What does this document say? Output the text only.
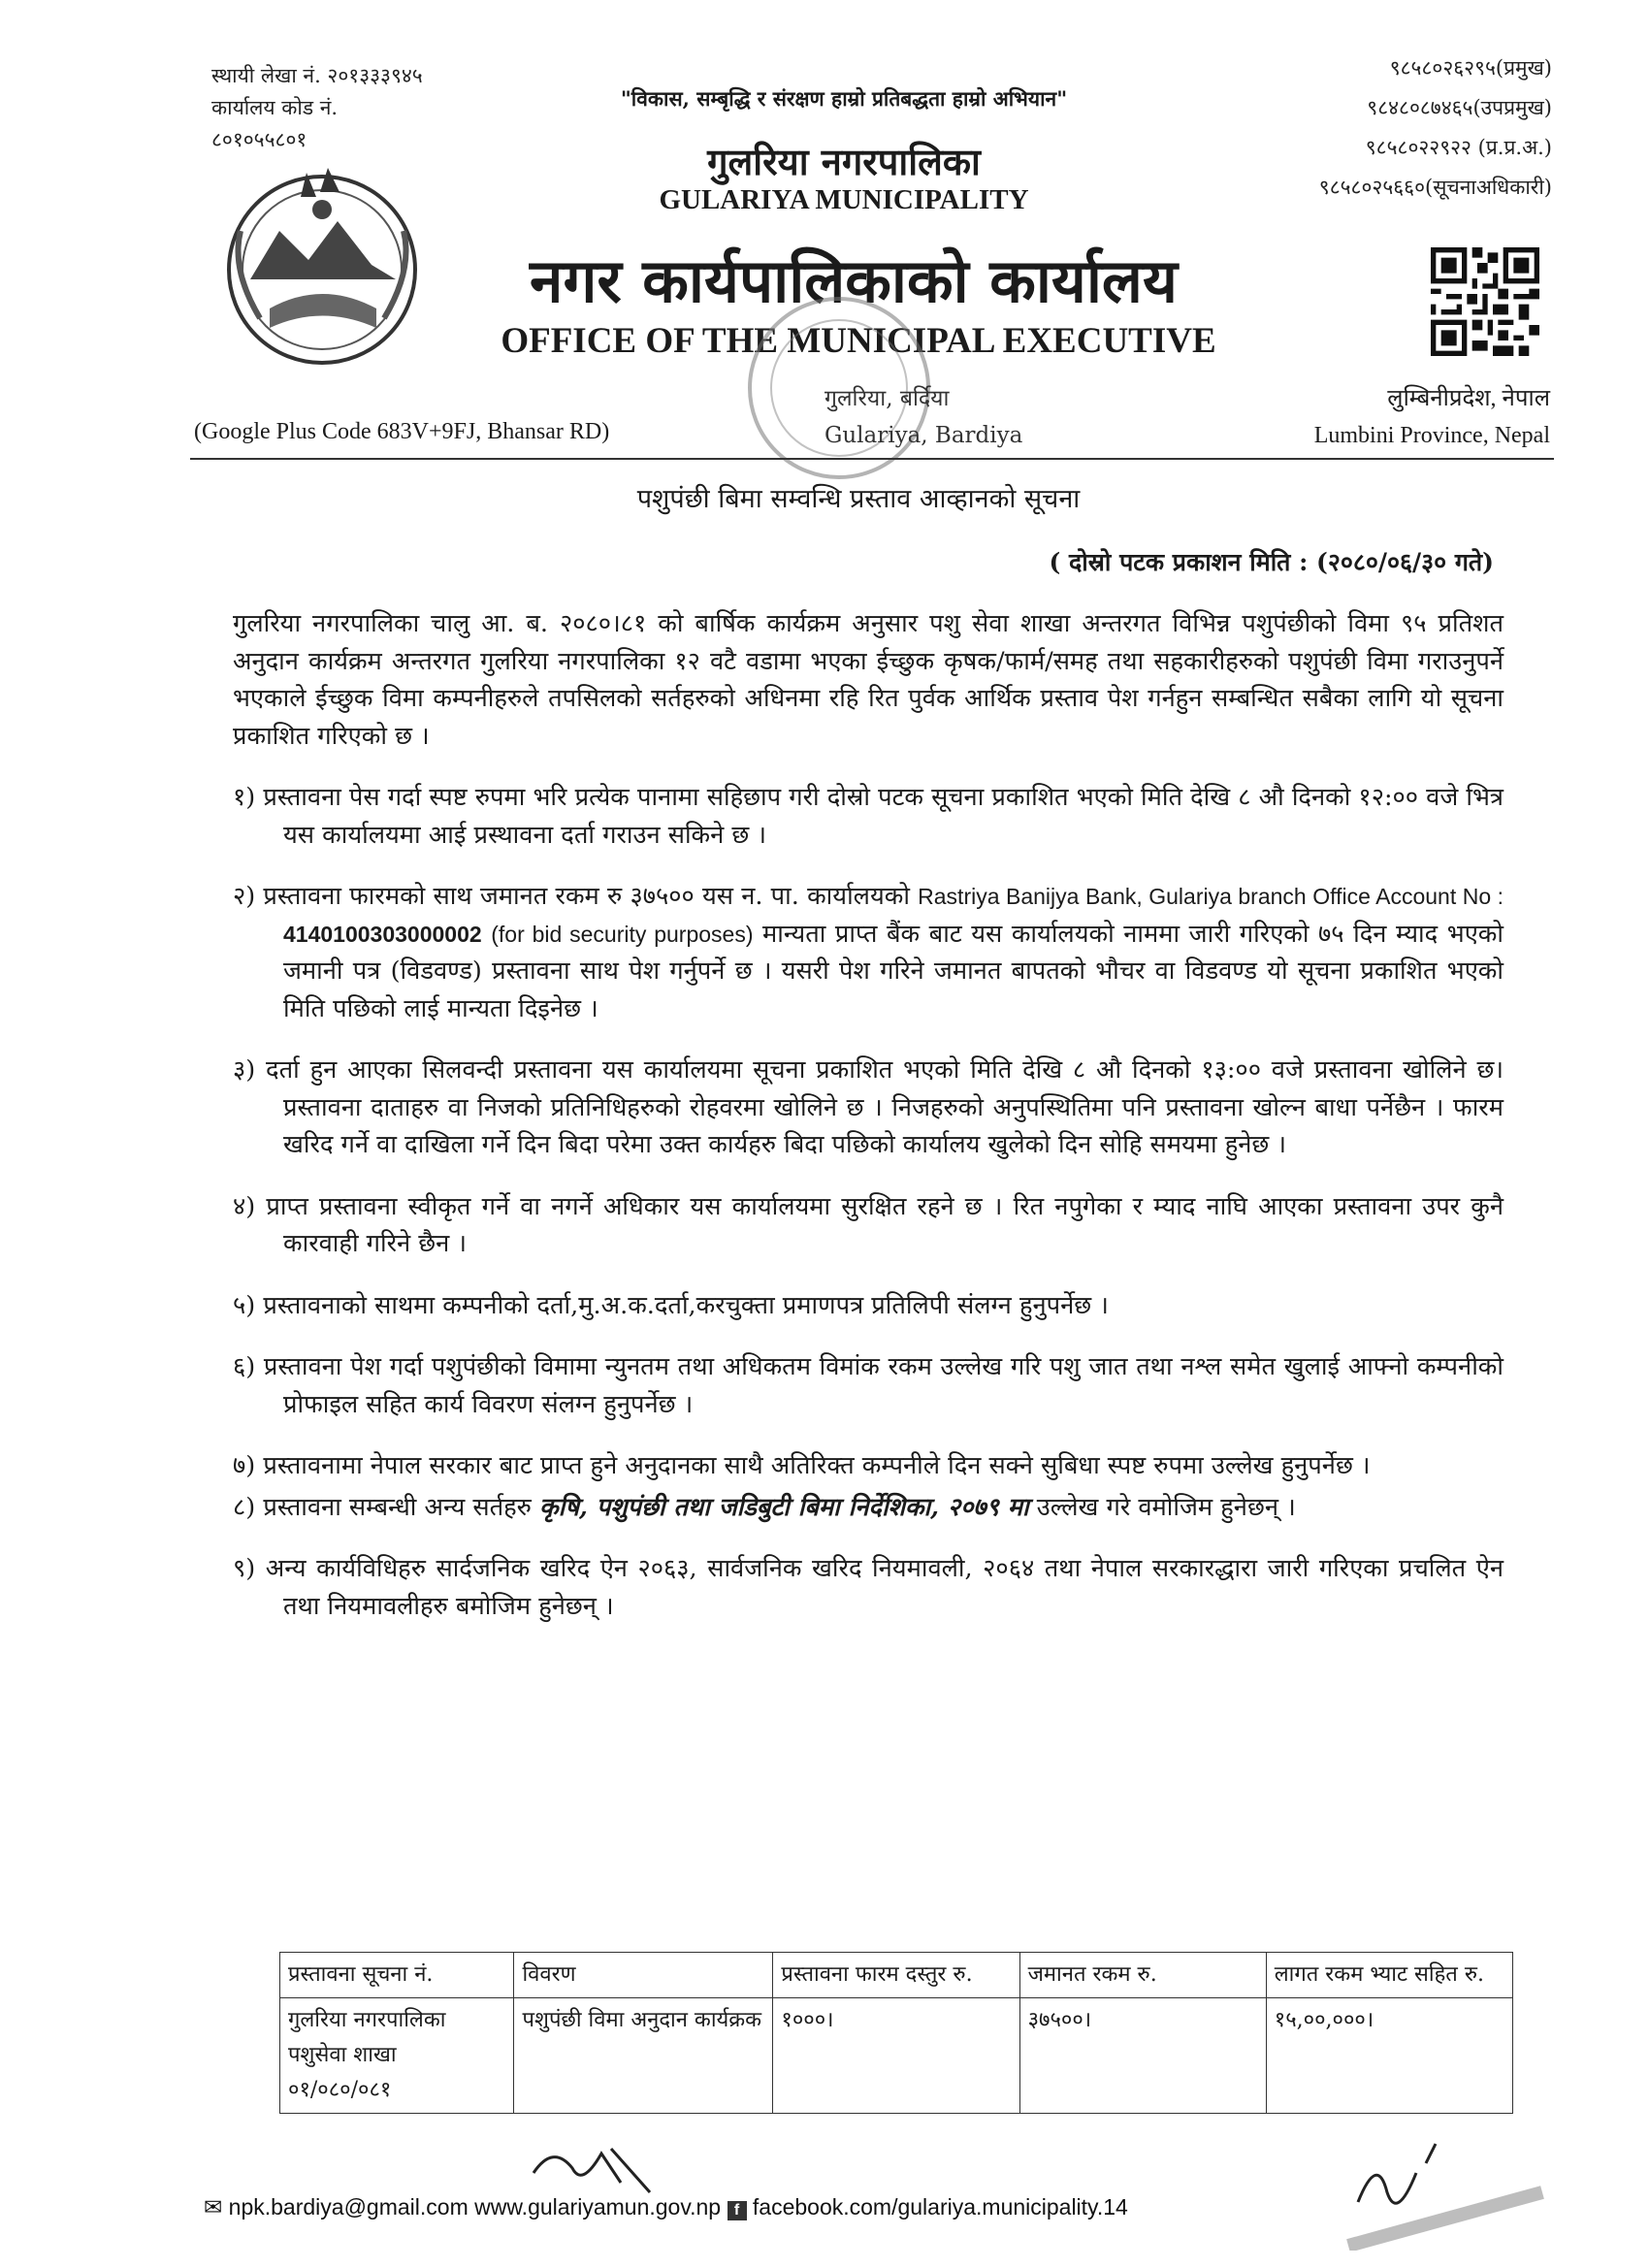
स्थायी लेखा नं. २०१३३३९४५
कार्यालय कोड नं.
८०१०५५८०१
९८५८०२६२९५(प्रमुख)
९८४८०८७४६५(उपप्रमुख)
९८५८०२२९२२ (प्र.प्र.अ.)
९८५८०२५६६०(सूचनाअधिकारी)
"विकास, सम्बृद्धि र संरक्षण हाम्रो प्रतिबद्धता हाम्रो अभियान"
गुलरिया नगरपालिका
GULARIYA MUNICIPALITY
नगर कार्यपालिकाको कार्यालय
OFFICE OF THE MUNICIPAL EXECUTIVE
(Google Plus Code 683V+9FJ, Bhansar RD)
गुलरिया, बर्दिया
Gulariya, Bardiya
लुम्बिनीप्रदेश, नेपाल
Lumbini Province, Nepal
पशुपंछी बिमा सम्वन्धि प्रस्ताव आव्हानको सूचना
( दोस्रो पटक प्रकाशन मिति : (२०८०/०६/३० गते)

गुलरिया नगरपालिका चालु आ. ब. २०८०।८१ को बार्षिक कार्यक्रम अनुसार पशु सेवा शाखा अन्तरगत विभिन्न पशुपंछीको विमा ९५ प्रतिशत अनुदान कार्यक्रम अन्तरगत गुलरिया नगरपालिका १२ वटै वडामा भएका ईच्छुक कृषक/फार्म/समह तथा सहकारीहरुको पशुपंछी विमा गराउनुपर्ने भएकाले ईच्छुक विमा कम्पनीहरुले तपसिलको सर्तहरुको अधिनमा रहि रित पुर्वक आर्थिक प्रस्ताव पेश गर्नहुन सम्बन्धित सबैका लागि यो सूचना प्रकाशित गरिएको छ ।

१) प्रस्तावना पेस गर्दा स्पष्ट रुपमा भरि प्रत्येक पानामा सहिछाप गरी दोस्रो पटक सूचना प्रकाशित भएको मिति देखि ८ औ दिनको १२:०० वजे भित्र यस कार्यालयमा आई प्रस्थावना दर्ता गराउन सकिने छ ।

२) प्रस्तावना फारमको साथ जमानत रकम रु ३७५०० यस न. पा. कार्यालयको Rastriya Banijya Bank, Gulariya branch Office Account No : 4140100303000002 (for bid security purposes) मान्यता प्राप्त बैंक बाट यस कार्यालयको नाममा जारी गरिएको ७५ दिन म्याद भएको जमानी पत्र (विडवण्ड) प्रस्तावना साथ पेश गर्नुपर्ने छ । यसरी पेश गरिने जमानत बापतको भौचर वा विडवण्ड यो सूचना प्रकाशित भएको मिति पछिको लाई मान्यता दिइनेछ ।

३) दर्ता हुन आएका सिलवन्दी प्रस्तावना यस कार्यालयमा सूचना प्रकाशित भएको मिति देखि ८ औ दिनको १३:०० वजे प्रस्तावना खोलिने छ। प्रस्तावना दाताहरु वा निजको प्रतिनिधिहरुको रोहवरमा खोलिने छ । निजहरुको अनुपस्थितिमा पनि प्रस्तावना खोल्न बाधा पर्नेछैन । फारम खरिद गर्ने वा दाखिला गर्ने दिन बिदा परेमा उक्त कार्यहरु बिदा पछिको कार्यालय खुलेको दिन सोहि समयमा हुनेछ ।

४) प्राप्त प्रस्तावना स्वीकृत गर्ने वा नगर्ने अधिकार यस कार्यालयमा सुरक्षित रहने छ । रित नपुगेका र म्याद नाघि आएका प्रस्तावना उपर कुनै कारवाही गरिने छैन ।

५) प्रस्तावनाको साथमा कम्पनीको दर्ता,मु.अ.क.दर्ता,करचुक्ता प्रमाणपत्र प्रतिलिपी संलग्न हुनुपर्नेछ ।

६) प्रस्तावना पेश गर्दा पशुपंछीको विमामा न्युनतम तथा अधिकतम विमांक रकम उल्लेख गरि पशु जात तथा नश्ल समेत खुलाई आफ्नो कम्पनीको प्रोफाइल सहित कार्य विवरण संलग्न हुनुपर्नेछ ।

७) प्रस्तावनामा नेपाल सरकार बाट प्राप्त हुने अनुदानका साथै अतिरिक्त कम्पनीले दिन सक्ने सुबिधा स्पष्ट रुपमा उल्लेख हुनुपर्नेछ ।

८) प्रस्तावना सम्बन्धी अन्य सर्तहरु कृषि, पशुपंछी तथा जडिबुटी बिमा निर्देशिका, २०७९ मा उल्लेख गरे वमोजिम हुनेछन् ।

९) अन्य कार्यविधिहरु सार्दजनिक खरिद ऐन २०६३, सार्वजनिक खरिद नियमावली, २०६४ तथा नेपाल सरकारद्धारा जारी गरिएका प्रचलित ऐन तथा नियमावलीहरु बमोजिम हुनेछन् ।

प्रस्तावना सूचना नं.	विवरण	प्रस्तावना फारम दस्तुर रु.	जमानत रकम रु.	लागत रकम भ्याट सहित रु.
गुलरिया नगरपालिका पशुसेवा शाखा ०१/०८०/०८१	पशुपंछी विमा अनुदान कार्यक्रक	१०००।	३७५००।	१५,००,०००।
✉ npk.bardiya@gmail.com www.gulariyamun.gov.np f facebook.com/gulariya.municipality.14
